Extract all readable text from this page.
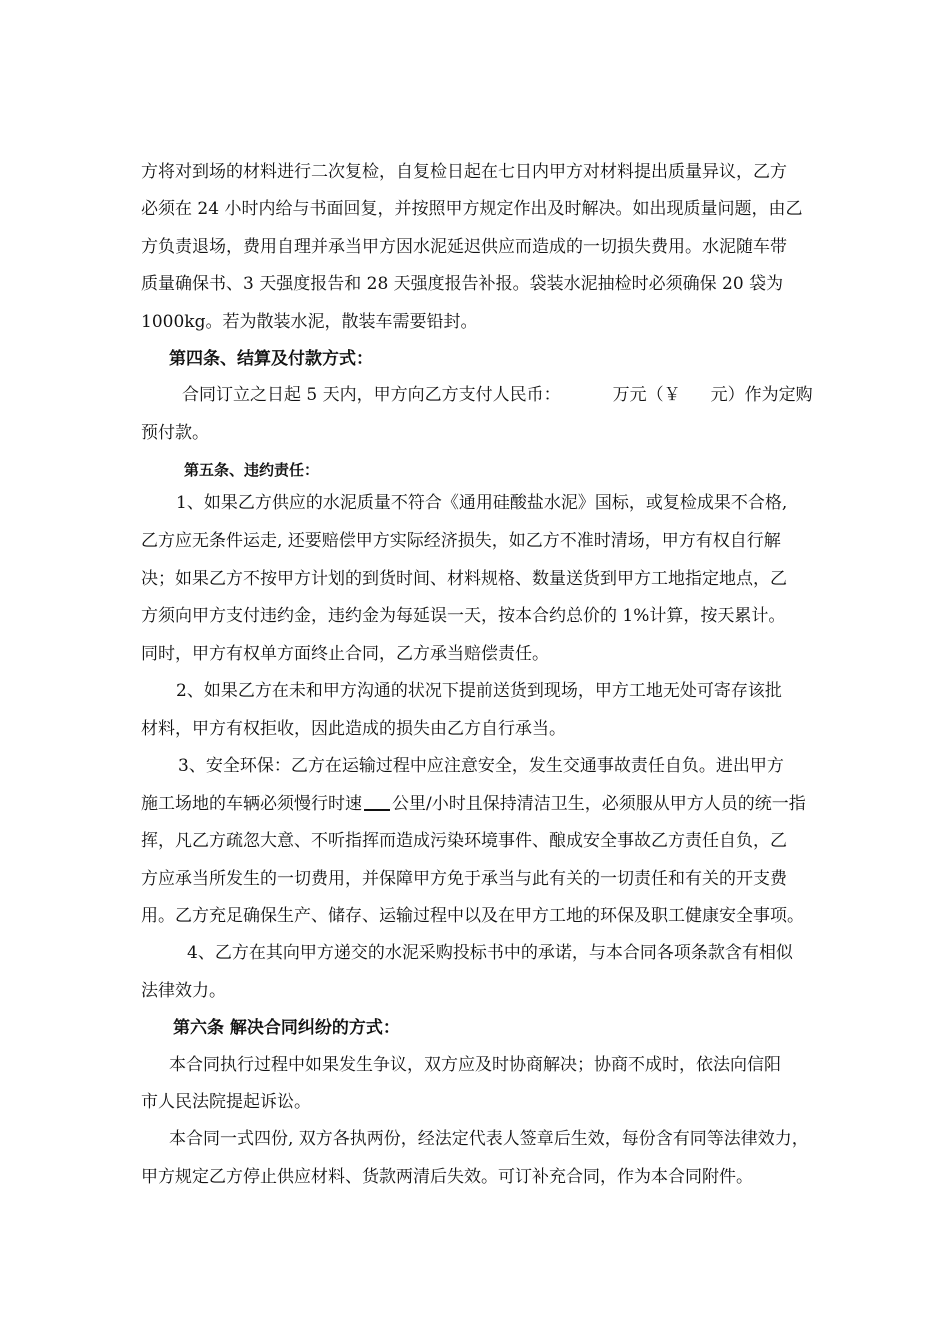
方将对到场的材料进行二次复检，自复检日起在七日内甲方对材料提出质量异议，乙方
必须在 24 小时内给与书面回复，并按照甲方规定作出及时解决。如出现质量问题，由乙
方负责退场，费用自理并承当甲方因水泥延迟供应而造成的一切损失费用。水泥随车带
质量确保书、3 天强度报告和 28 天强度报告补报。袋装水泥抽检时必须确保 20 袋为
1000kg。若为散装水泥，散装车需要铅封。
第四条、结算及付款方式：
合同订立之日起 5 天内，甲方向乙方支付人民币：	万元（￥ 元）作为定购
预付款。
第五条、违约责任：
1、如果乙方供应的水泥质量不符合《通用硅酸盐水泥》国标，或复检成果不合格,
乙方应无条件运走, 还要赔偿甲方实际经济损失，如乙方不准时清场，甲方有权自行解
决；如果乙方不按甲方计划的到货时间、材料规格、数量送货到甲方工地指定地点，乙
方须向甲方支付违约金，违约金为每延误一天，按本合约总价的 1%计算，按天累计。
同时，甲方有权单方面终止合同，乙方承当赔偿责任。
2、如果乙方在未和甲方沟通的状况下提前送货到现场，甲方工地无处可寄存该批
材料，甲方有权拒收，因此造成的损失由乙方自行承当。
3、安全环保：乙方在运输过程中应注意安全，发生交通事故责任自负。进出甲方
施工场地的车辆必须慢行时速 公里/小时且保持清洁卫生，必须服从甲方人员的统一指
挥，凡乙方疏忽大意、不听指挥而造成污染环境事件、酿成安全事故乙方责任自负，乙
方应承当所发生的一切费用，并保障甲方免于承当与此有关的一切责任和有关的开支费
用。乙方充足确保生产、储存、运输过程中以及在甲方工地的环保及职工健康安全事项。
4、乙方在其向甲方递交的水泥采购投标书中的承诺，与本合同各项条款含有相似
法律效力。
第六条 解决合同纠纷的方式：
本合同执行过程中如果发生争议，双方应及时协商解决；协商不成时，依法向信阳
市人民法院提起诉讼。
本合同一式四份, 双方各执两份，经法定代表人签章后生效，每份含有同等法律效力，
甲方规定乙方停止供应材料、货款两清后失效。可订补充合同，作为本合同附件。
